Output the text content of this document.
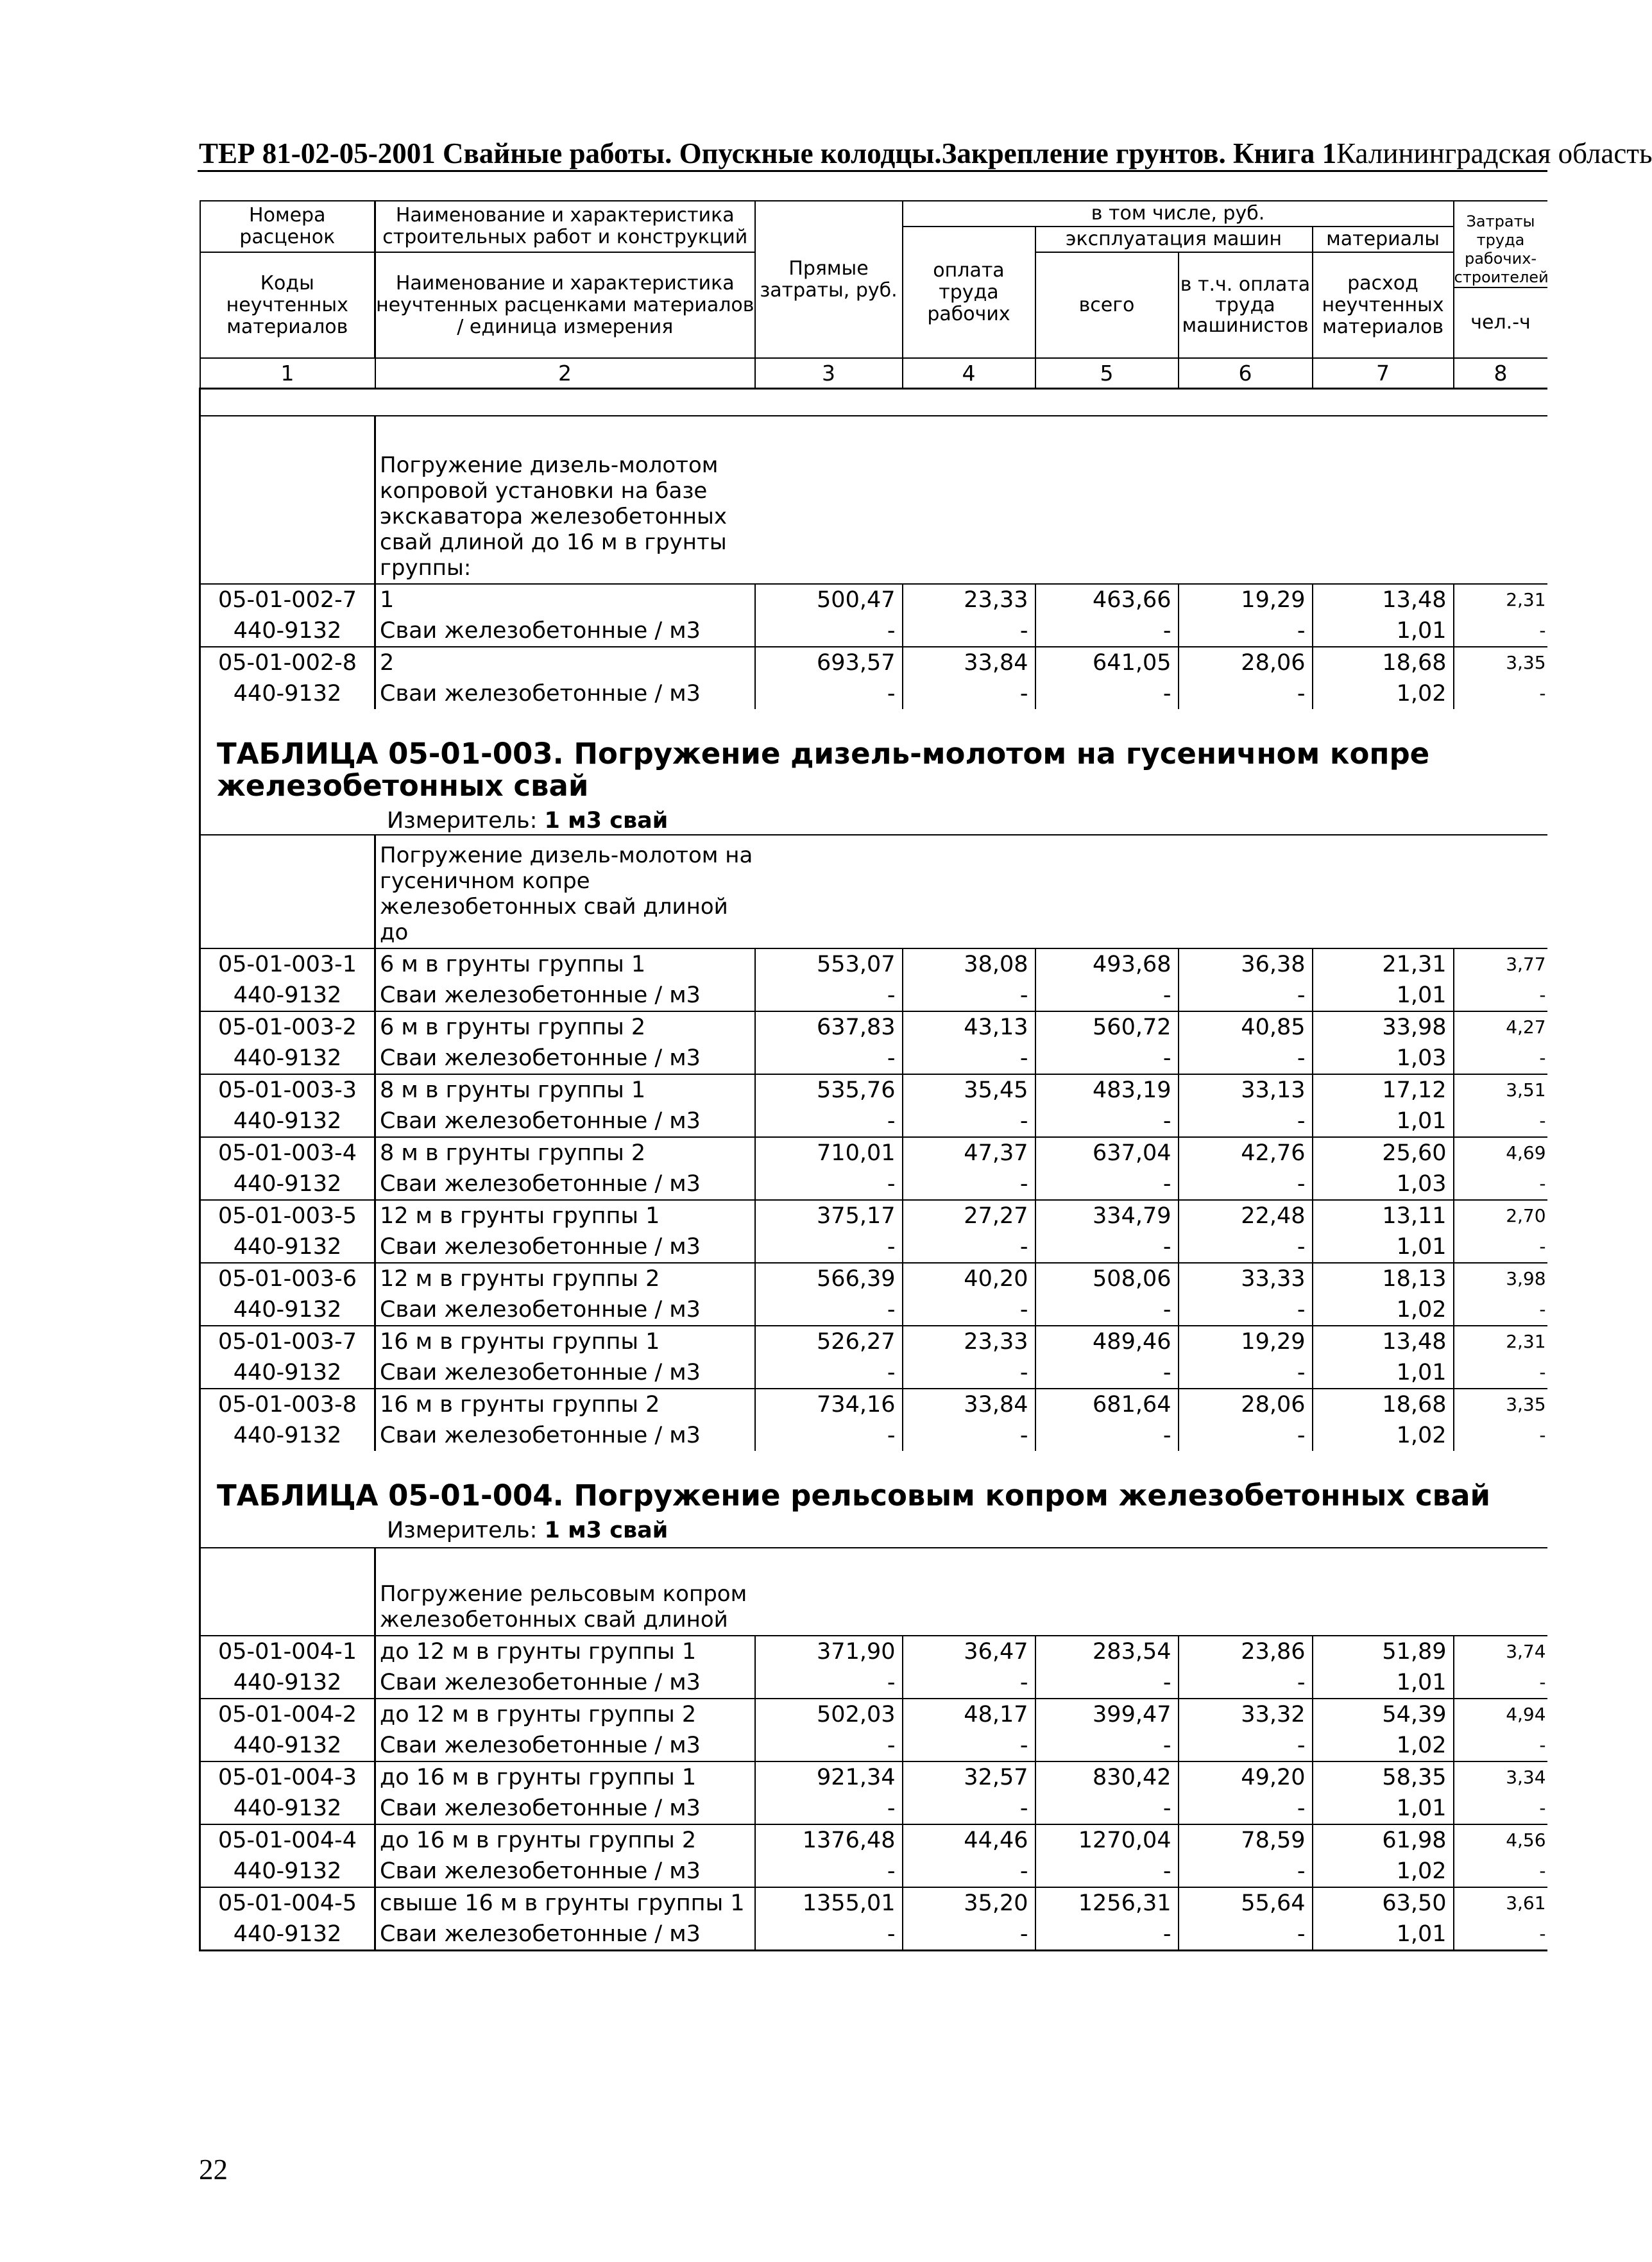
ТЕР 81-02-05-2001 Свайные работы. Опускные колодцы.Закрепление грунтов. Книга 1 Калининградская область
Номера расценок	Наименование и характеристика строительных работ и конструкций	Прямые затраты, руб.	в том числе, руб.				Затраты труда рабочих-строителей
			оплата труда рабочих	эксплуатация машин		материалы	
Коды неучтенных материалов	Наименование и характеристика неучтенных расценками материалов / единица измерения			всего	в т.ч. оплата труда машинистов	расход неучтенных материалов	
							чел.-ч
1	2	3	4	5	6	7	8

	Погружение дизель-молотом копровой установки на базе экскаватора железобетонных свай длиной до 16 м в грунты группы:						
05-01-002-7	1	500,47	23,33	463,66	19,29	13,48	2,31
440-9132	Сваи железобетонные / м3	-	-	-	-	1,01	-
05-01-002-8	2	693,57	33,84	641,05	28,06	18,68	3,35
440-9132	Сваи железобетонные / м3	-	-	-	-	1,02	-

ТАБЛИЦА 05-01-003. Погружение дизель-молотом на гусеничном копре железобетонных свай
Измеритель: 1 м3 свай							

	Погружение дизель-молотом на гусеничном копре железобетонных свай длиной до						
05-01-003-1	6 м в грунты группы 1	553,07	38,08	493,68	36,38	21,31	3,77
440-9132	Сваи железобетонные / м3	-	-	-	-	1,01	-
05-01-003-2	6 м в грунты группы 2	637,83	43,13	560,72	40,85	33,98	4,27
440-9132	Сваи железобетонные / м3	-	-	-	-	1,03	-
05-01-003-3	8 м в грунты группы 1	535,76	35,45	483,19	33,13	17,12	3,51
440-9132	Сваи железобетонные / м3	-	-	-	-	1,01	-
05-01-003-4	8 м в грунты группы 2	710,01	47,37	637,04	42,76	25,60	4,69
440-9132	Сваи железобетонные / м3	-	-	-	-	1,03	-
05-01-003-5	12 м в грунты группы 1	375,17	27,27	334,79	22,48	13,11	2,70
440-9132	Сваи железобетонные / м3	-	-	-	-	1,01	-
05-01-003-6	12 м в грунты группы 2	566,39	40,20	508,06	33,33	18,13	3,98
440-9132	Сваи железобетонные / м3	-	-	-	-	1,02	-
05-01-003-7	16 м в грунты группы 1	526,27	23,33	489,46	19,29	13,48	2,31
440-9132	Сваи железобетонные / м3	-	-	-	-	1,01	-
05-01-003-8	16 м в грунты группы 2	734,16	33,84	681,64	28,06	18,68	3,35
440-9132	Сваи железобетонные / м3	-	-	-	-	1,02	-

ТАБЛИЦА 05-01-004. Погружение рельсовым копром железобетонных свай
Измеритель: 1 м3 свай							

	Погружение рельсовым копром железобетонных свай длиной						
05-01-004-1	до 12 м в грунты группы 1	371,90	36,47	283,54	23,86	51,89	3,74
440-9132	Сваи железобетонные / м3	-	-	-	-	1,01	-
05-01-004-2	до 12 м в грунты группы 2	502,03	48,17	399,47	33,32	54,39	4,94
440-9132	Сваи железобетонные / м3	-	-	-	-	1,02	-
05-01-004-3	до 16 м в грунты группы 1	921,34	32,57	830,42	49,20	58,35	3,34
440-9132	Сваи железобетонные / м3	-	-	-	-	1,01	-
05-01-004-4	до 16 м в грунты группы 2	1376,48	44,46	1270,04	78,59	61,98	4,56
440-9132	Сваи железобетонные / м3	-	-	-	-	1,02	-
05-01-004-5	свыше 16 м в грунты группы 1	1355,01	35,20	1256,31	55,64	63,50	3,61
440-9132	Сваи железобетонные / м3	-	-	-	-	1,01	-
22
